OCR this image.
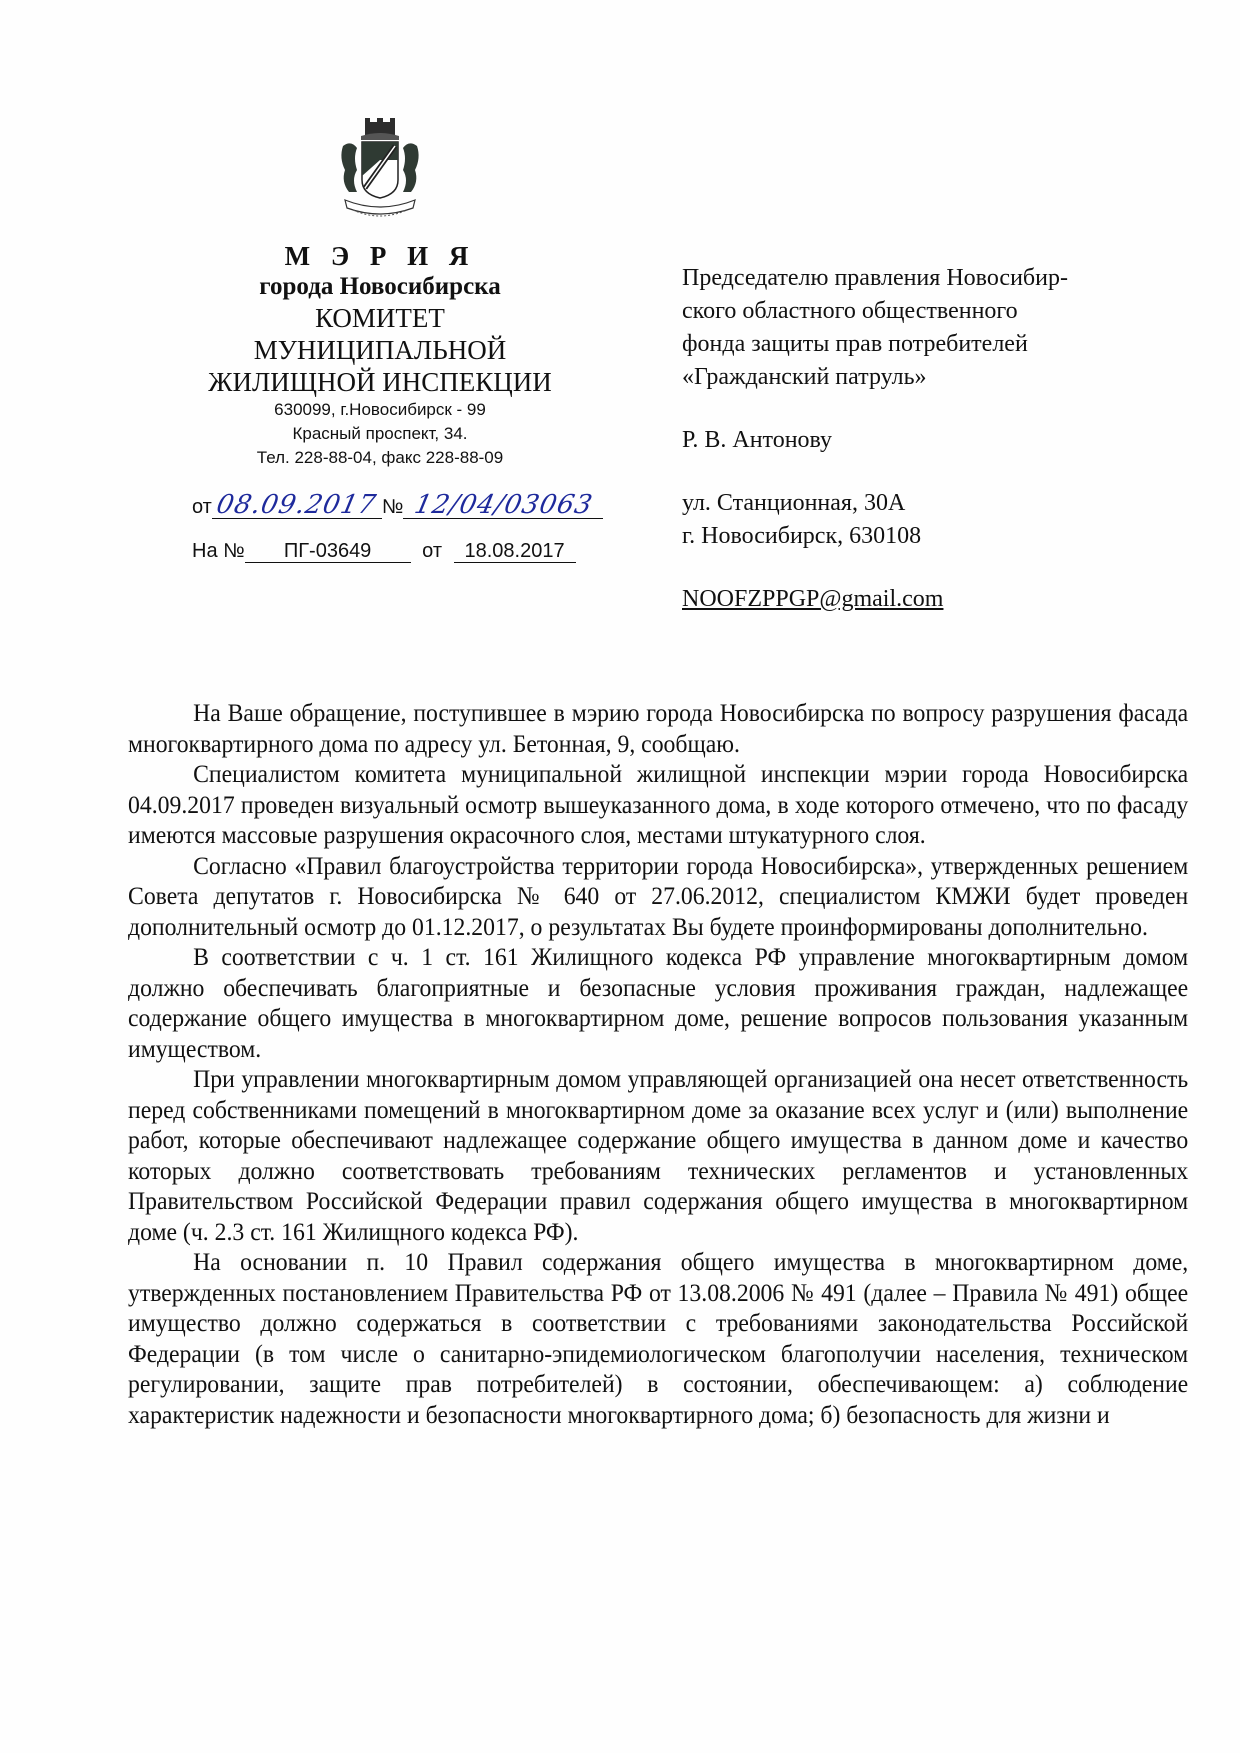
М Э Р И Я
города Новосибирска
КОМИТЕТ
МУНИЦИПАЛЬНОЙ
ЖИЛИЩНОЙ ИНСПЕКЦИИ
630099, г.Новосибирск - 99
Красный проспект, 34.
Тел. 228-88-04, факс 228-88-09
от08.09.2017 № 12/04/03063
На № ПГ-03649	от 18.08.2017
Председателю правления Новосибир-
ского областного общественного
фонда защиты прав потребителей
«Гражданский патруль»
Р. В. Антонову
ул. Станционная, 30А
г. Новосибирск, 630108
NOOFZPPGP@gmail.com

На Ваше обращение, поступившее в мэрию города Новосибирска по вопросу разрушения фасада многоквартирного дома по адресу ул. Бетонная, 9, сообщаю.

Специалистом комитета муниципальной жилищной инспекции мэрии города Новосибирска 04.09.2017 проведен визуальный осмотр вышеуказанного дома, в ходе которого отмечено, что по фасаду имеются массовые разрушения окрасочного слоя, местами штукатурного слоя.

Согласно «Правил благоустройства территории города Новосибирска», утвержденных решением Совета депутатов г. Новосибирска № 640 от 27.06.2012, специалистом КМЖИ будет проведен дополнительный осмотр до 01.12.2017, о результатах Вы будете проинформированы дополнительно.

В соответствии с ч. 1 ст. 161 Жилищного кодекса РФ управление многоквартирным домом должно обеспечивать благоприятные и безопасные условия проживания граждан, надлежащее содержание общего имущества в многоквартирном доме, решение вопросов пользования указанным имуществом.

При управлении многоквартирным домом управляющей организацией она несет ответственность перед собственниками помещений в многоквартирном доме за оказание всех услуг и (или) выполнение работ, которые обеспечивают надлежащее содержание общего имущества в данном доме и качество которых должно соответствовать требованиям технических регламентов и установленных Правительством Российской Федерации правил содержания общего имущества в многоквартирном доме (ч. 2.3 ст. 161 Жилищного кодекса РФ).

На основании п. 10 Правил содержания общего имущества в многоквартирном доме, утвержденных постановлением Правительства РФ от 13.08.2006 № 491 (далее – Правила № 491) общее имущество должно содержаться в соответствии с требованиями законодательства Российской Федерации (в том числе о санитарно-эпидемиологическом благополучии населения, техническом регулировании, защите прав потребителей) в состоянии, обеспечивающем: а) соблюдение характеристик надежности и безопасности многоквартирного дома; б) безопасность для жизни и
